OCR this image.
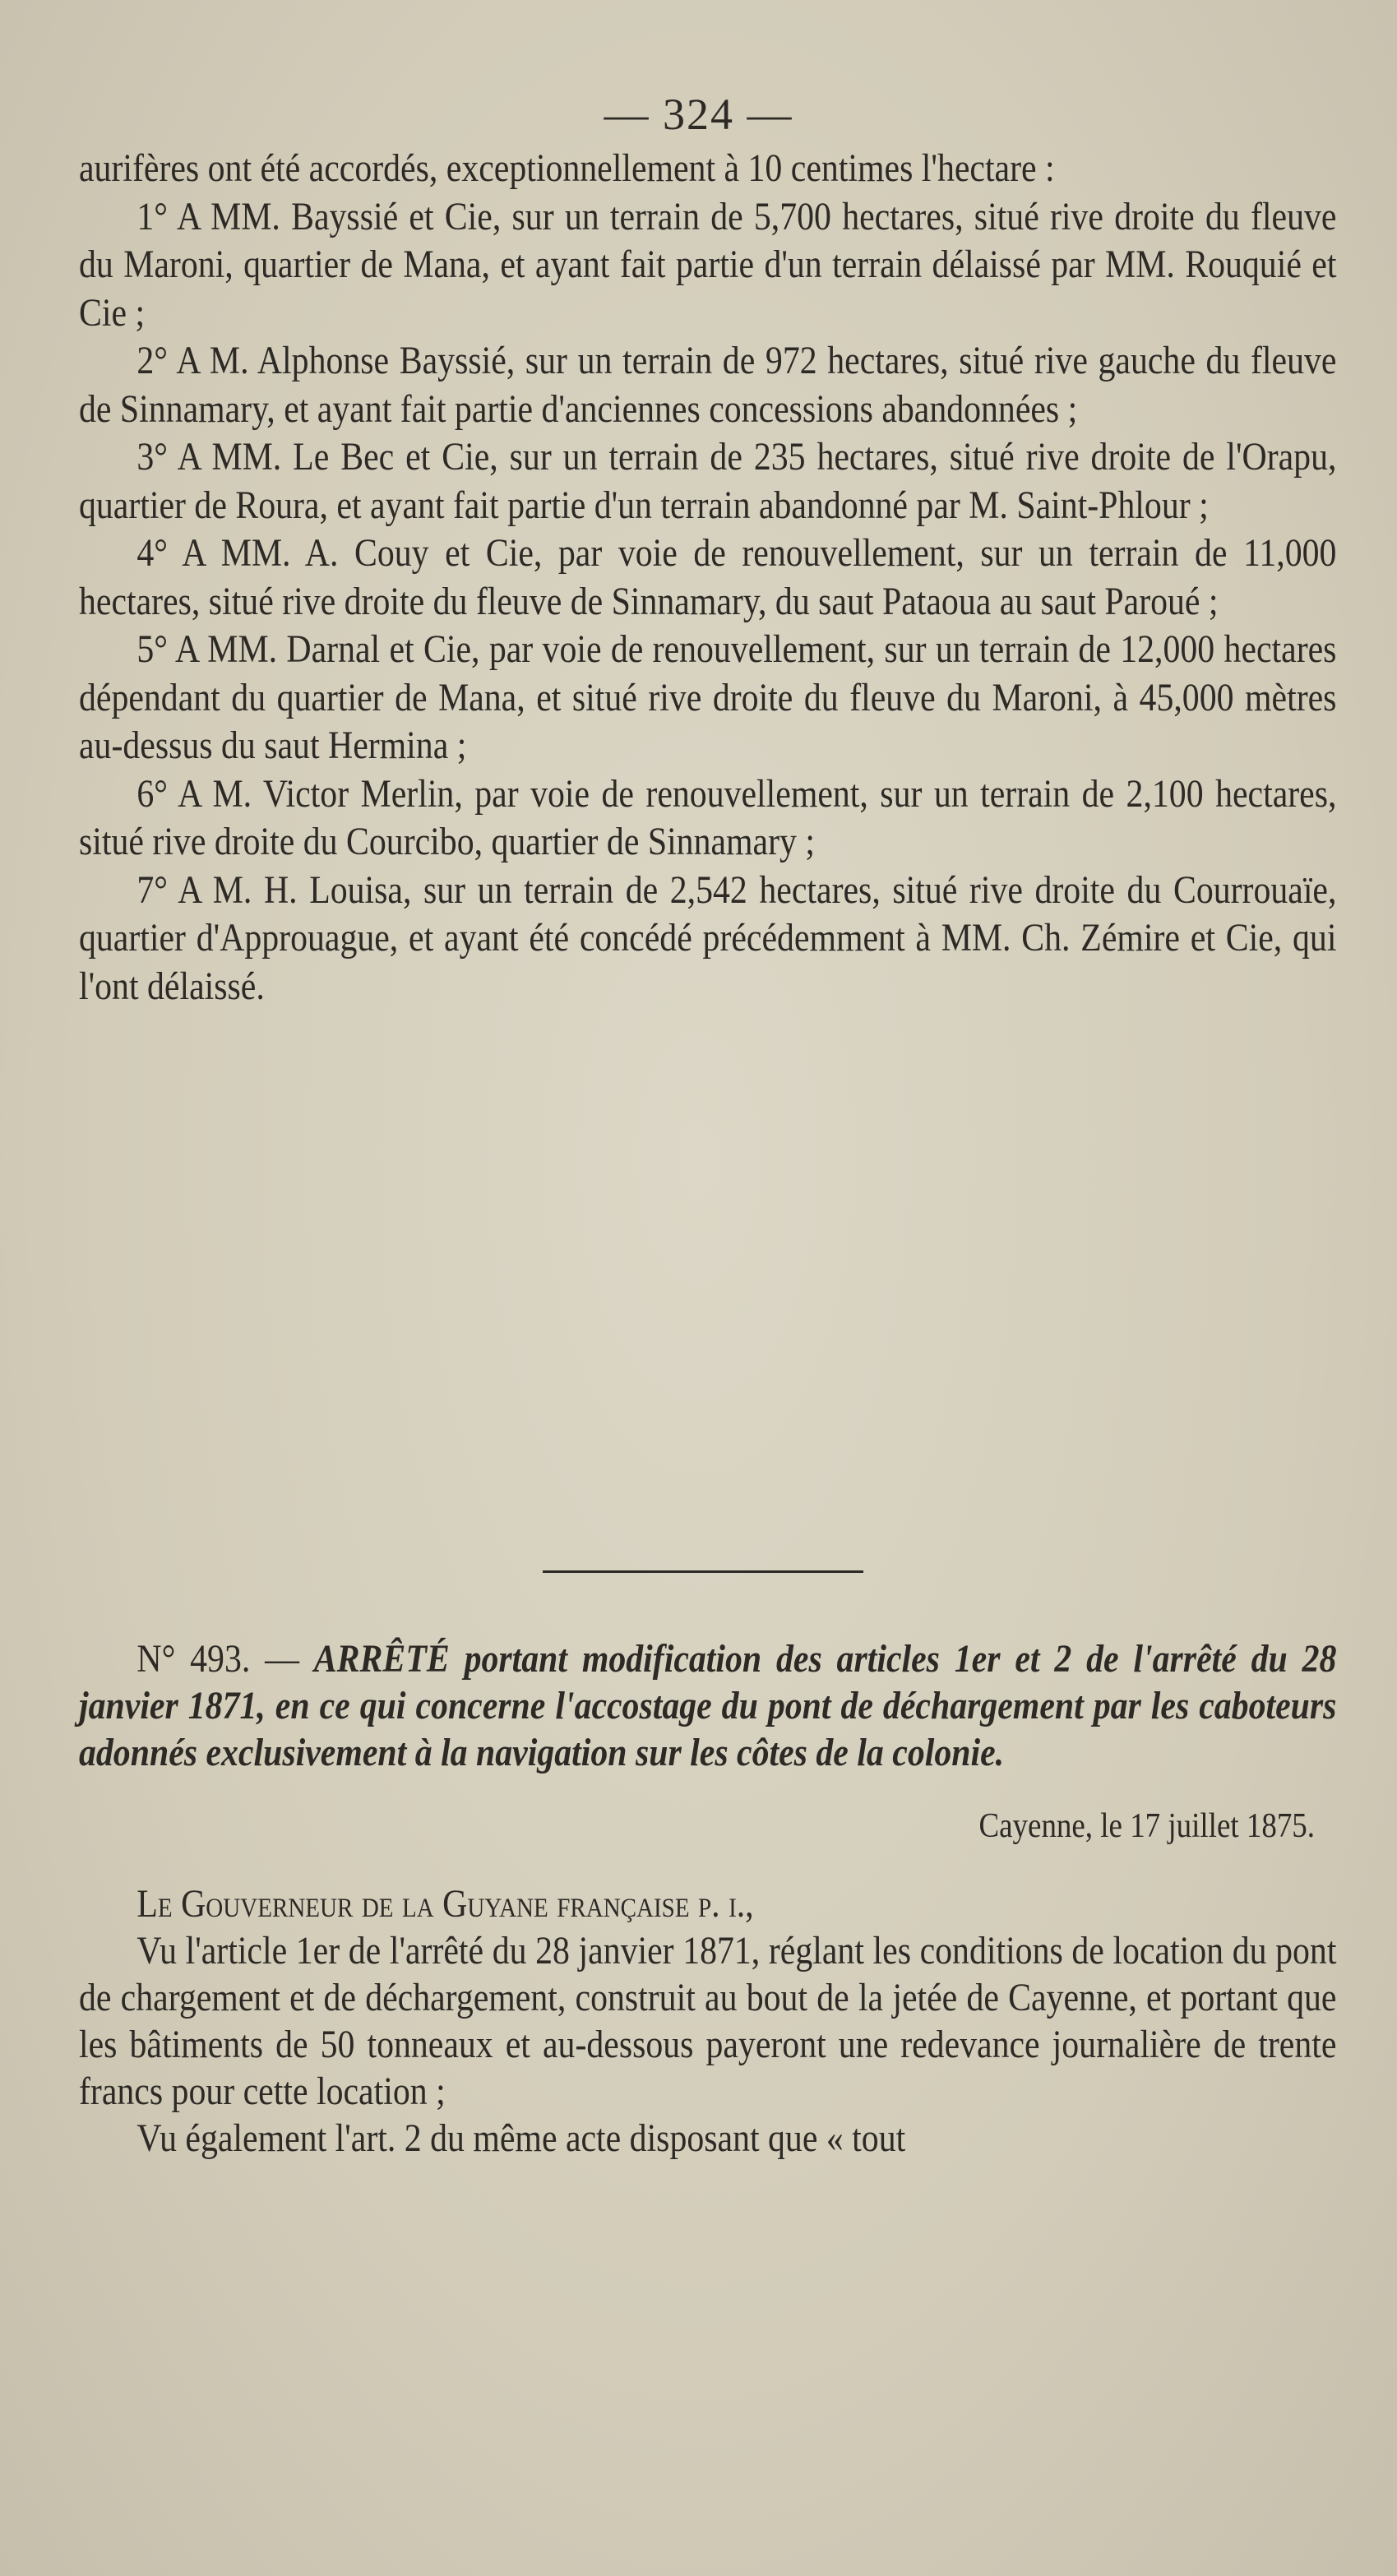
— 324 —

aurifères ont été accordés, exceptionnellement à 10 centimes l'hectare :

1° A MM. Bayssié et Cie, sur un terrain de 5,700 hectares, situé rive droite du fleuve du Maroni, quartier de Mana, et ayant fait partie d'un terrain délaissé par MM. Rouquié et Cie ;

2° A M. Alphonse Bayssié, sur un terrain de 972 hectares, situé rive gauche du fleuve de Sinnamary, et ayant fait partie d'anciennes concessions abandonnées ;

3° A MM. Le Bec et Cie, sur un terrain de 235 hectares, situé rive droite de l'Orapu, quartier de Roura, et ayant fait partie d'un terrain abandonné par M. Saint-Phlour ;

4° A MM. A. Couy et Cie, par voie de renouvellement, sur un terrain de 11,000 hectares, situé rive droite du fleuve de Sinnamary, du saut Pataoua au saut Paroué ;

5° A MM. Darnal et Cie, par voie de renouvellement, sur un terrain de 12,000 hectares dépendant du quartier de Mana, et situé rive droite du fleuve du Maroni, à 45,000 mètres au-dessus du saut Hermina ;

6° A M. Victor Merlin, par voie de renouvellement, sur un terrain de 2,100 hectares, situé rive droite du Courcibo, quartier de Sinnamary ;

7° A M. H. Louisa, sur un terrain de 2,542 hectares, situé rive droite du Courrouaïe, quartier d'Approuague, et ayant été concédé précédemment à MM. Ch. Zémire et Cie, qui l'ont délaissé.

N° 493. — ARRÊTÉ portant modification des articles 1er et 2 de l'arrêté du 28 janvier 1871, en ce qui concerne l'accostage du pont de déchargement par les caboteurs adonnés exclusivement à la navigation sur les côtes de la colonie.

Cayenne, le 17 juillet 1875.

Le Gouverneur de la Guyane française p. i.,

Vu l'article 1er de l'arrêté du 28 janvier 1871, réglant les conditions de location du pont de chargement et de déchargement, construit au bout de la jetée de Cayenne, et portant que les bâtiments de 50 tonneaux et au-dessous payeront une redevance journalière de trente francs pour cette location ;

Vu également l'art. 2 du même acte disposant que « tout
